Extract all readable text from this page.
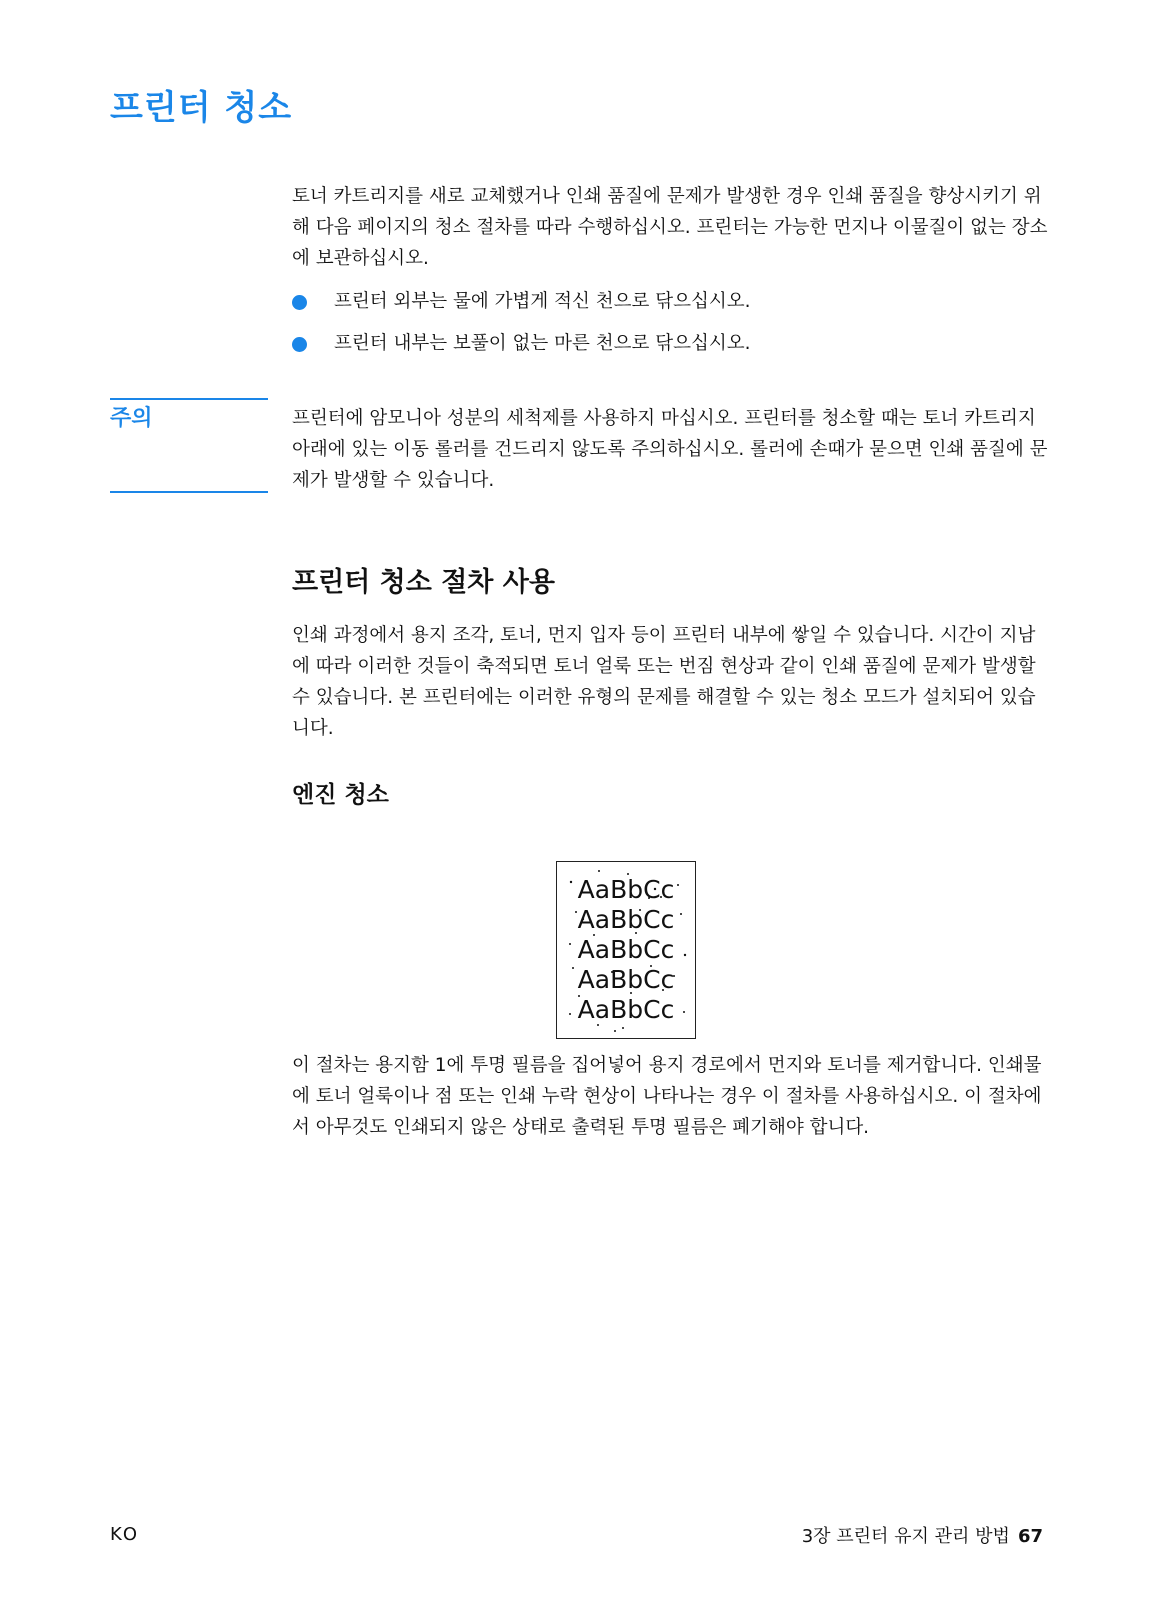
프린터 청소

토너 카트리지를 새로 교체했거나 인쇄 품질에 문제가 발생한 경우 인쇄 품질을 향상시키기 위해 다음 페이지의 청소 절차를 따라 수행하십시오. 프린터는 가능한 먼지나 이물질이 없는 장소에 보관하십시오.

프린터 외부는 물에 가볍게 적신 천으로 닦으십시오.
프린터 내부는 보풀이 없는 마른 천으로 닦으십시오.
주의	프린터에 암모니아 성분의 세척제를 사용하지 마십시오. 프린터를 청소할 때는 토너 카트리지 아래에 있는 이동 롤러를 건드리지 않도록 주의하십시오. 롤러에 손때가 묻으면 인쇄 품질에 문제가 발생할 수 있습니다.

프린터 청소 절차 사용

인쇄 과정에서 용지 조각, 토너, 먼지 입자 등이 프린터 내부에 쌓일 수 있습니다. 시간이 지남에 따라 이러한 것들이 축적되면 토너 얼룩 또는 번짐 현상과 같이 인쇄 품질에 문제가 발생할 수 있습니다. 본 프린터에는 이러한 유형의 문제를 해결할 수 있는 청소 모드가 설치되어 있습니다.

엔진 청소
AaBbCc
AaBbCc
AaBbCc
AaBbCc
AaBbCc

이 절차는 용지함 1에 투명 필름을 집어넣어 용지 경로에서 먼지와 토너를 제거합니다. 인쇄물에 토너 얼룩이나 점 또는 인쇄 누락 현상이 나타나는 경우 이 절차를 사용하십시오. 이 절차에서 아무것도 인쇄되지 않은 상태로 출력된 투명 필름은 폐기해야 합니다.

KO	3장 프린터 유지 관리 방법 67
